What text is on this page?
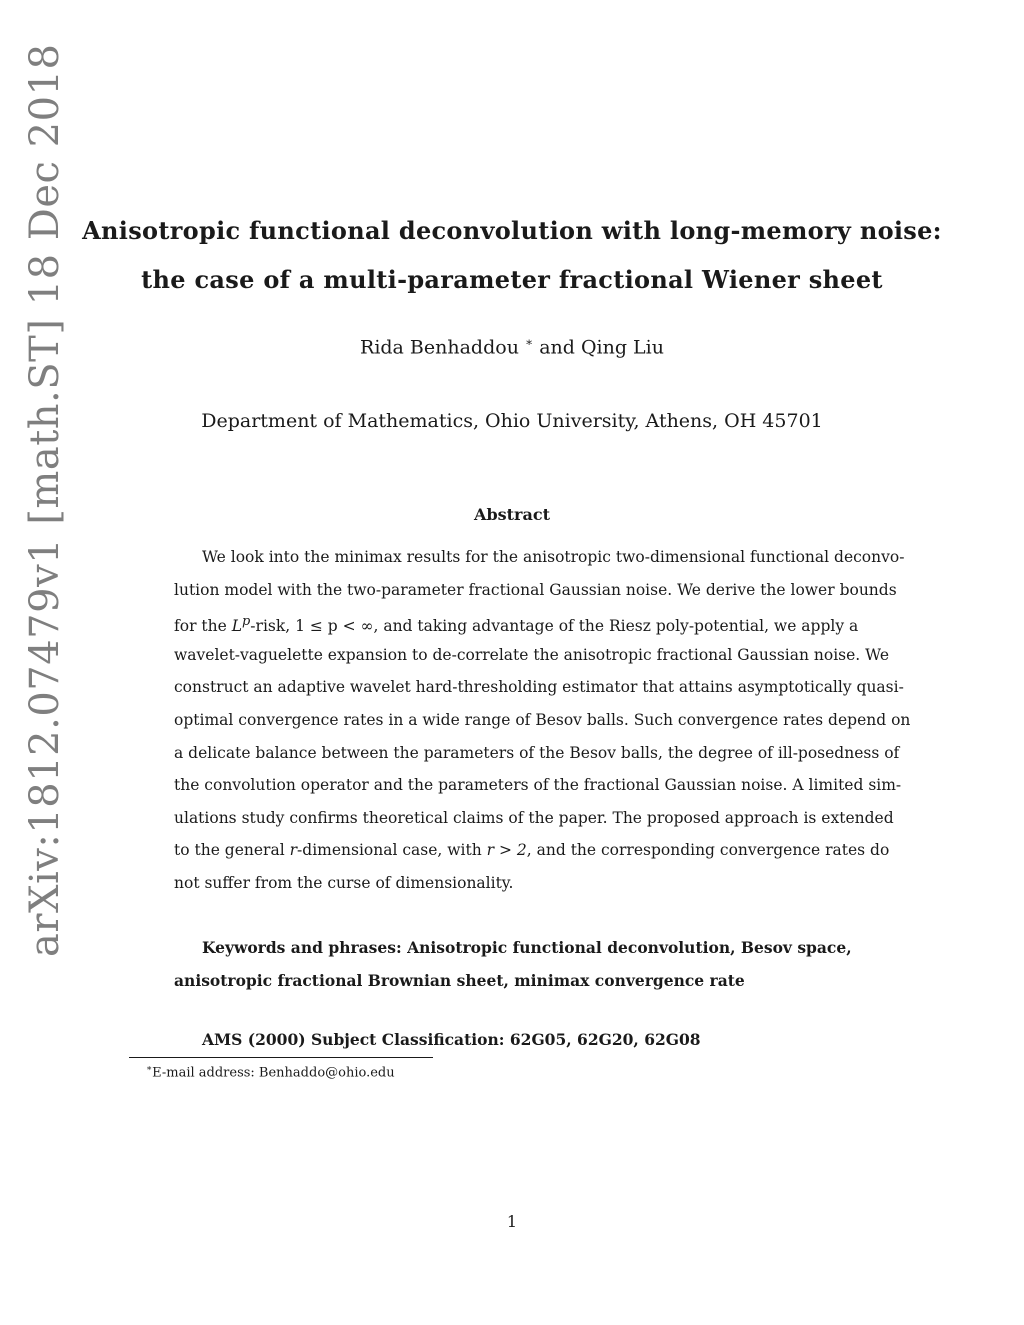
arXiv:1812.07479v1 [math.ST] 18 Dec 2018 Anisotropic functional deconvolution with long-memory noise:
the case of a multi-parameter fractional Wiener sheet
Rida Benhaddou ∗ and Qing Liu
Department of Mathematics, Ohio University, Athens, OH 45701
Abstract
We look into the minimax results for the anisotropic two-dimensional functional deconvo-
lution model with the two-parameter fractional Gaussian noise. We derive the lower bounds
for the $L^p$-risk, 1 ≤ p < ∞, and taking advantage of the Riesz poly-potential, we apply a
wavelet-vaguelette expansion to de-correlate the anisotropic fractional Gaussian noise. We
construct an adaptive wavelet hard-thresholding estimator that attains asymptotically quasi-
optimal convergence rates in a wide range of Besov balls. Such convergence rates depend on
a delicate balance between the parameters of the Besov balls, the degree of ill-posedness of
the convolution operator and the parameters of the fractional Gaussian noise. A limited sim-
ulations study confirms theoretical claims of the paper. The proposed approach is extended
to the general r-dimensional case, with r > 2, and the corresponding convergence rates do
not suffer from the curse of dimensionality.
Keywords and phrases: Anisotropic functional deconvolution, Besov space,
anisotropic fractional Brownian sheet, minimax convergence rate
AMS (2000) Subject Classification: 62G05, 62G20, 62G08
∗E-mail address: Benhaddo@ohio.edu
1
